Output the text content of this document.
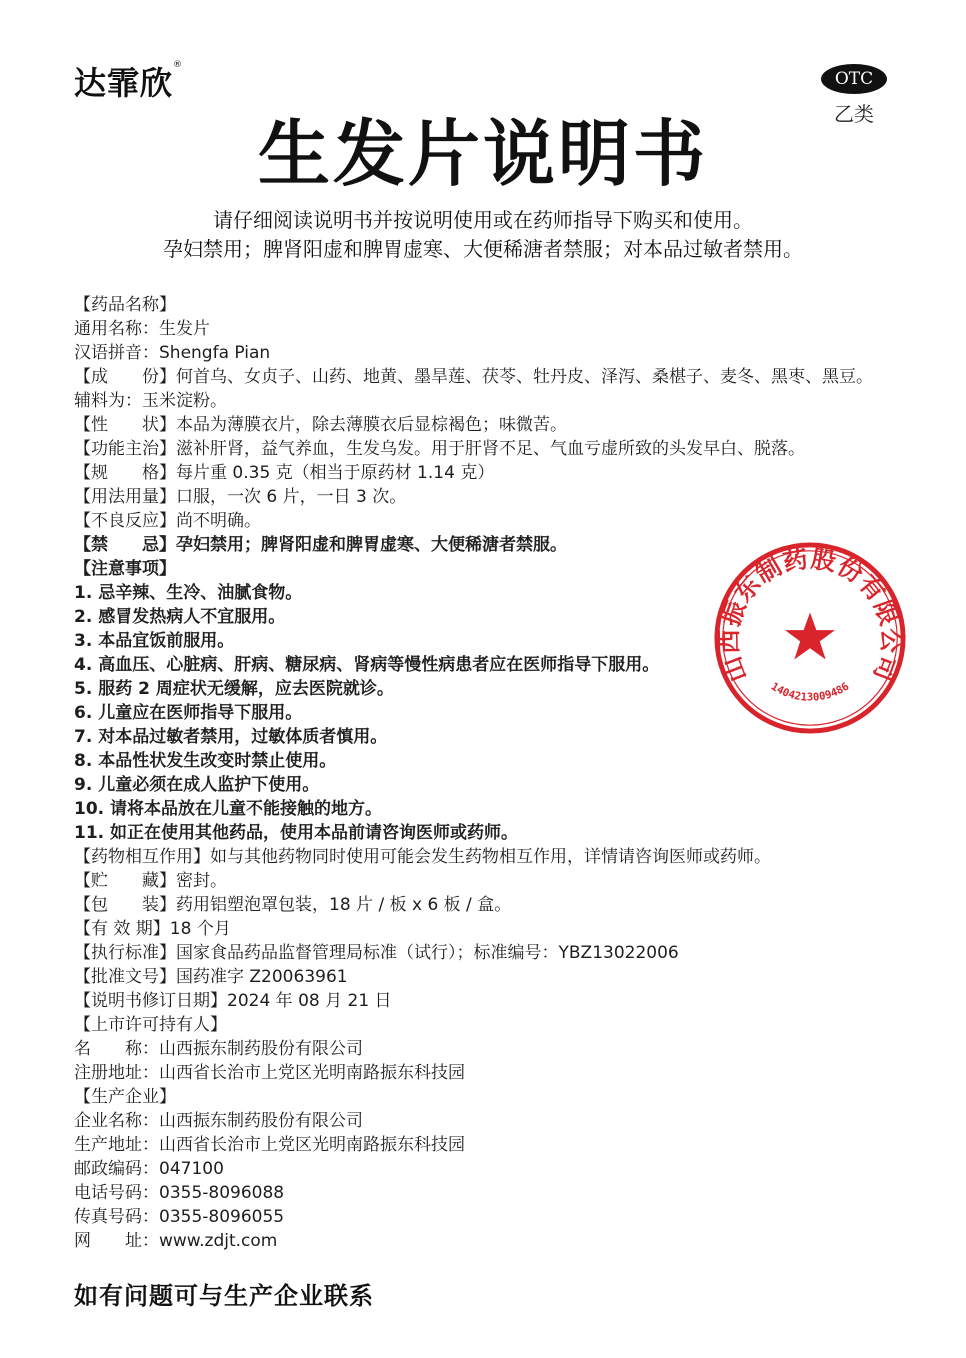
达霏欣®
OTC
乙类
生发片说明书
请仔细阅读说明书并按说明使用或在药师指导下购买和使用。
孕妇禁用；脾肾阳虚和脾胃虚寒、大便稀溏者禁服；对本品过敏者禁用。
【药品名称】
通用名称：生发片
汉语拼音：Shengfa Pian
【成　　份】何首乌、女贞子、山药、地黄、墨旱莲、茯苓、牡丹皮、泽泻、桑椹子、麦冬、黑枣、黑豆。
辅料为：玉米淀粉。
【性　　状】本品为薄膜衣片，除去薄膜衣后显棕褐色；味微苦。
【功能主治】滋补肝肾，益气养血，生发乌发。用于肝肾不足、气血亏虚所致的头发早白、脱落。
【规　　格】每片重 0.35 克（相当于原药材 1.14 克）
【用法用量】口服，一次 6 片，一日 3 次。
【不良反应】尚不明确。
【禁　　忌】孕妇禁用；脾肾阳虚和脾胃虚寒、大便稀溏者禁服。
【注意事项】
1. 忌辛辣、生冷、油腻食物。
2. 感冒发热病人不宜服用。
3. 本品宜饭前服用。
4. 高血压、心脏病、肝病、糖尿病、肾病等慢性病患者应在医师指导下服用。
5. 服药 2 周症状无缓解，应去医院就诊。
6. 儿童应在医师指导下服用。
7. 对本品过敏者禁用，过敏体质者慎用。
8. 本品性状发生改变时禁止使用。
9. 儿童必须在成人监护下使用。
10. 请将本品放在儿童不能接触的地方。
11. 如正在使用其他药品，使用本品前请咨询医师或药师。
【药物相互作用】如与其他药物同时使用可能会发生药物相互作用，详情请咨询医师或药师。
【贮　　藏】密封。
【包　　装】药用铝塑泡罩包装，18 片 / 板 x 6 板 / 盒。
【有 效 期】18 个月
【执行标准】国家食品药品监督管理局标准（试行）；标准编号：YBZ13022006
【批准文号】国药准字 Z20063961
【说明书修订日期】2024 年 08 月 21 日
【上市许可持有人】
名　　称：山西振东制药股份有限公司
注册地址：山西省长治市上党区光明南路振东科技园
【生产企业】
企业名称：山西振东制药股份有限公司
生产地址：山西省长治市上党区光明南路振东科技园
邮政编码：047100
电话号码：0355-8096088
传真号码：0355-8096055
网　　址：www.zdjt.com
如有问题可与生产企业联系
山西振东制药股份有限公司
1404213009486
